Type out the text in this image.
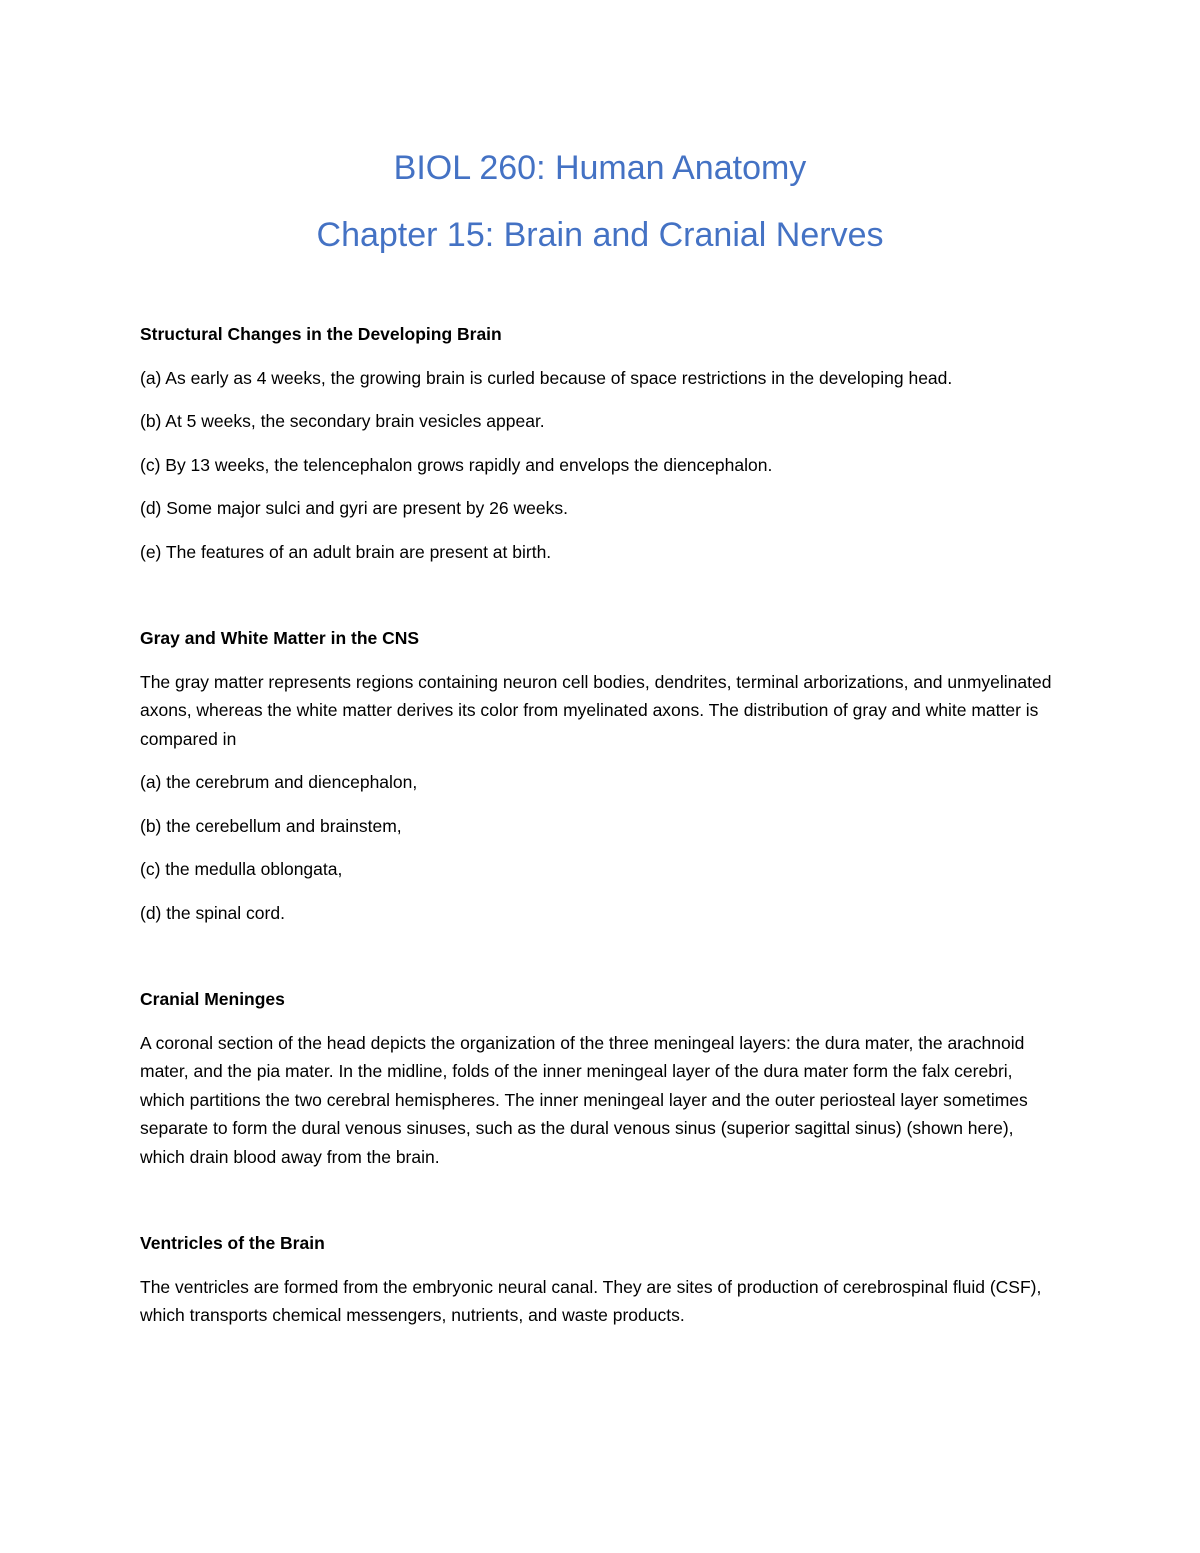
BIOL 260: Human Anatomy
Chapter 15: Brain and Cranial Nerves

Structural Changes in the Developing Brain

(a) As early as 4 weeks, the growing brain is curled because of space restrictions in the developing head.

(b) At 5 weeks, the secondary brain vesicles appear.

(c) By 13 weeks, the telencephalon grows rapidly and envelops the diencephalon.

(d) Some major sulci and gyri are present by 26 weeks.

(e) The features of an adult brain are present at birth.

Gray and White Matter in the CNS

The gray matter represents regions containing neuron cell bodies, dendrites, terminal arborizations, and unmyelinated axons, whereas the white matter derives its color from myelinated axons. The distribution of gray and white matter is compared in

(a) the cerebrum and diencephalon,

(b) the cerebellum and brainstem,

(c) the medulla oblongata,

(d) the spinal cord.

Cranial Meninges

A coronal section of the head depicts the organization of the three meningeal layers: the dura mater, the arachnoid mater, and the pia mater. In the midline, folds of the inner meningeal layer of the dura mater form the falx cerebri, which partitions the two cerebral hemispheres. The inner meningeal layer and the outer periosteal layer sometimes separate to form the dural venous sinuses, such as the dural venous sinus (superior sagittal sinus) (shown here), which drain blood away from the brain.

Ventricles of the Brain

The ventricles are formed from the embryonic neural canal. They are sites of production of cerebrospinal fluid (CSF), which transports chemical messengers, nutrients, and waste products.
